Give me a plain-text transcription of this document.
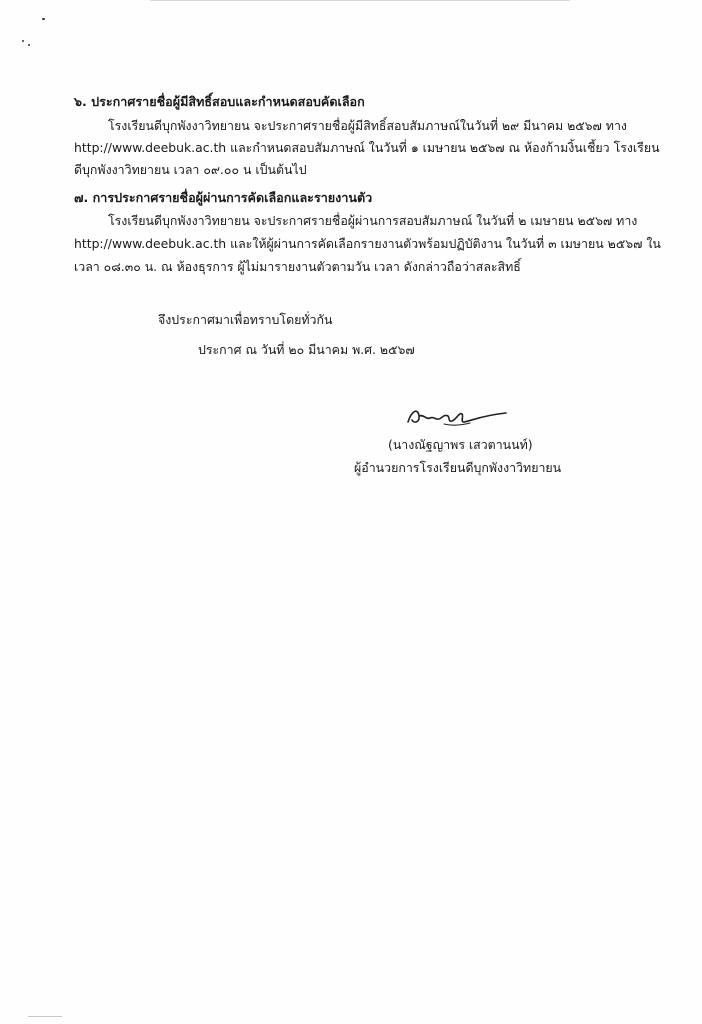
๖. ประกาศรายชื่อผู้มีสิทธิ์สอบและกำหนดสอบคัดเลือก
โรงเรียนดีบุกพังงาวิทยายน จะประกาศรายชื่อผู้มีสิทธิ์สอบสัมภาษณ์ในวันที่ ๒๙ มีนาคม ๒๕๖๗ ทาง
http://www.deebuk.ac.th และกำหนดสอบสัมภาษณ์ ในวันที่ ๑ เมษายน ๒๕๖๗ ณ ห้องก้ามงิ้นเชี้ยว โรงเรียน
ดีบุกพังงาวิทยายน เวลา ๐๙.๐๐ น เป็นต้นไป
๗. การประกาศรายชื่อผู้ผ่านการคัดเลือกและรายงานตัว
โรงเรียนดีบุกพังงาวิทยายน จะประกาศรายชื่อผู้ผ่านการสอบสัมภาษณ์ ในวันที่ ๒ เมษายน ๒๕๖๗ ทาง
http://www.deebuk.ac.th และให้ผู้ผ่านการคัดเลือกรายงานตัวพร้อมปฏิบัติงาน ในวันที่ ๓ เมษายน ๒๕๖๗ ใน
เวลา ๐๘.๓๐ น. ณ ห้องธุรการ ผู้ไม่มารายงานตัวตามวัน เวลา ดังกล่าวถือว่าสละสิทธิ์
จึงประกาศมาเพื่อทราบโดยทั่วกัน
ประกาศ ณ วันที่ ๒๐ มีนาคม พ.ศ. ๒๕๖๗
(นางณัฐญาพร เสวตานนท์)
ผู้อำนวยการโรงเรียนดีบุกพังงาวิทยายน
